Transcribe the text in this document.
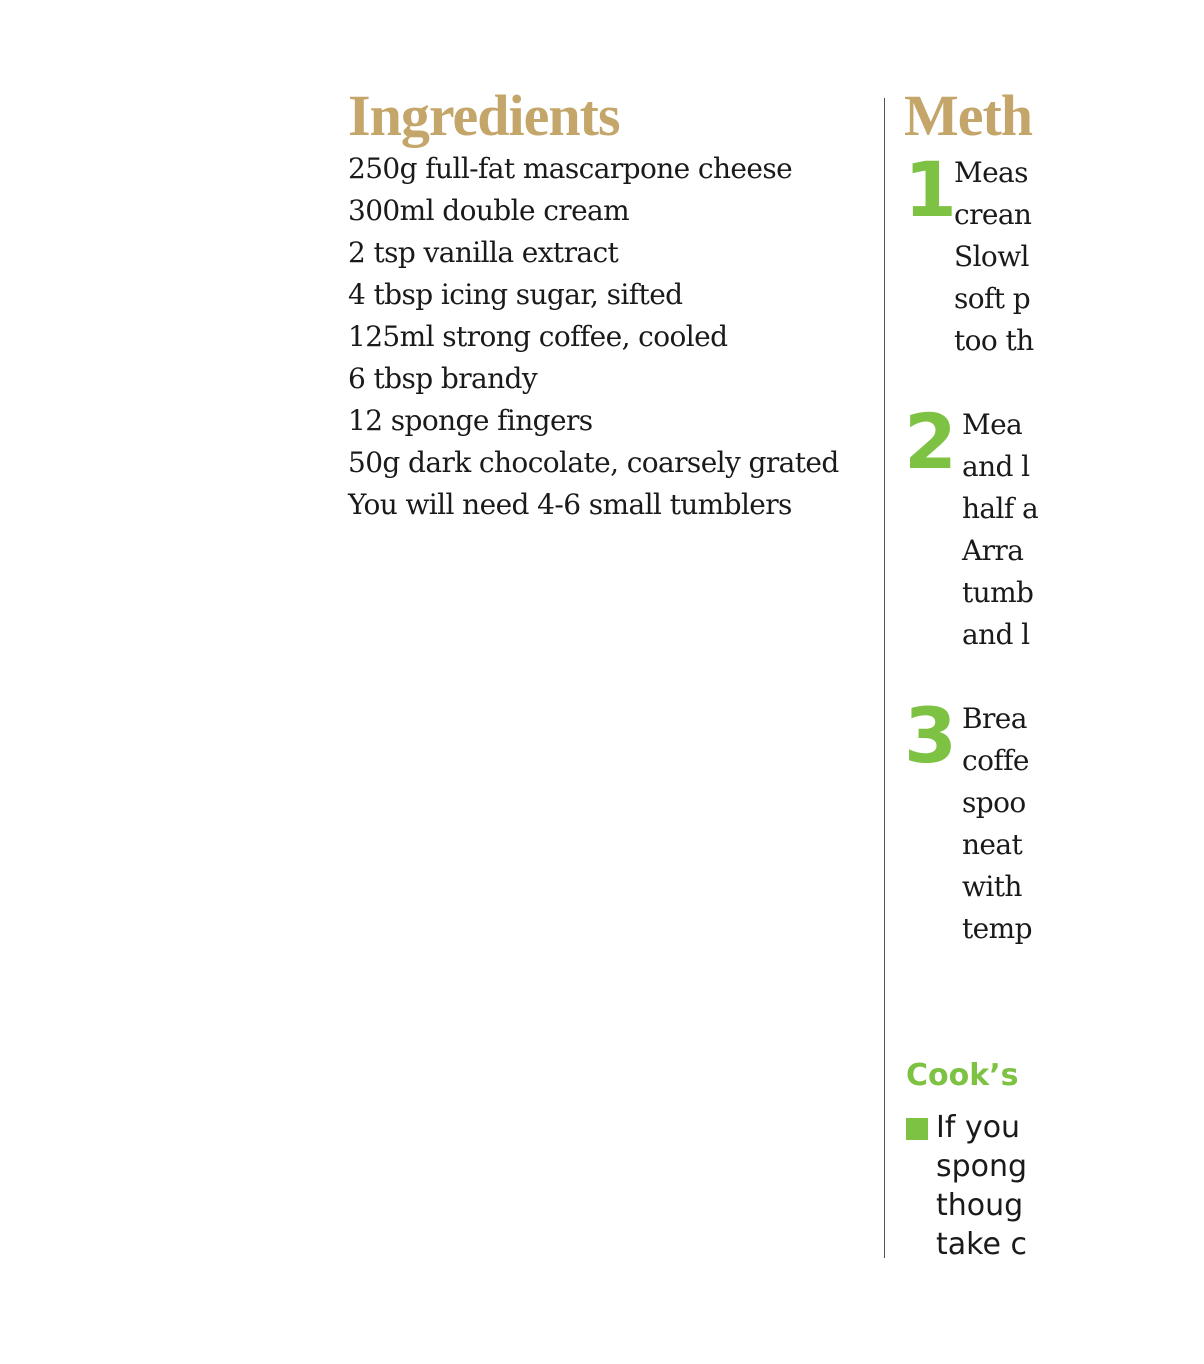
Ingredients
250g full-fat mascarpone cheese
300ml double cream
2 tsp vanilla extract
4 tbsp icing sugar, sifted
125ml strong coffee, cooled
6 tbsp brandy
12 sponge fingers
50g dark chocolate, coarsely grated
You will need 4-6 small tumblers
Meth
1
Meas
crean
Slowl
soft p
too th
2 Mea
and l
half a
Arra
tumb
and l
3 Brea
coffe
spoo
neat
with
temp
Cook’s
If you
spong
thoug
take c
